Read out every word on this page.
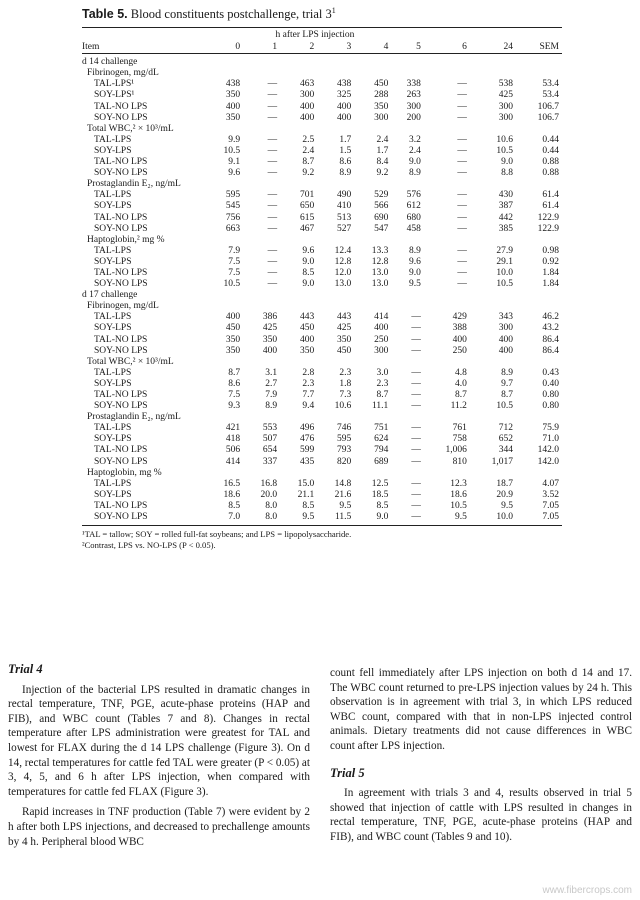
Table 5. Blood constituents postchallenge, trial $3^1$
	h after LPS injection								
Item	0	1	2	3	4	5	6	24	SEM

d 14 challenge									
Fibrinogen, mg/dL									
TAL-LPS¹	438	—	463	438	450	338	—	538	53.4
SOY-LPS¹	350	—	300	325	288	263	—	425	53.4
TAL-NO LPS	400	—	400	400	350	300	—	300	106.7
SOY-NO LPS	350	—	400	400	300	200	—	300	106.7
Total WBC,² × 10³/mL									
TAL-LPS	9.9	—	2.5	1.7	2.4	3.2	—	10.6	0.44
SOY-LPS	10.5	—	2.4	1.5	1.7	2.4	—	10.5	0.44
TAL-NO LPS	9.1	—	8.7	8.6	8.4	9.0	—	9.0	0.88
SOY-NO LPS	9.6	—	9.2	8.9	9.2	8.9	—	8.8	0.88
Prostaglandin E₂, ng/mL									
TAL-LPS	595	—	701	490	529	576	—	430	61.4
SOY-LPS	545	—	650	410	566	612	—	387	61.4
TAL-NO LPS	756	—	615	513	690	680	—	442	122.9
SOY-NO LPS	663	—	467	527	547	458	—	385	122.9
Haptoglobin,² mg %									
TAL-LPS	7.9	—	9.6	12.4	13.3	8.9	—	27.9	0.98
SOY-LPS	7.5	—	9.0	12.8	12.8	9.6	—	29.1	0.92
TAL-NO LPS	7.5	—	8.5	12.0	13.0	9.0	—	10.0	1.84
SOY-NO LPS	10.5	—	9.0	13.0	13.0	9.5	—	10.5	1.84
d 17 challenge									
Fibrinogen, mg/dL									
TAL-LPS	400	386	443	443	414	—	429	343	46.2
SOY-LPS	450	425	450	425	400	—	388	300	43.2
TAL-NO LPS	350	350	400	350	250	—	400	400	86.4
SOY-NO LPS	350	400	350	450	300	—	250	400	86.4
Total WBC,² × 10³/mL									
TAL-LPS	8.7	3.1	2.8	2.3	3.0	—	4.8	8.9	0.43
SOY-LPS	8.6	2.7	2.3	1.8	2.3	—	4.0	9.7	0.40
TAL-NO LPS	7.5	7.9	7.7	7.3	8.7	—	8.7	8.7	0.80
SOY-NO LPS	9.3	8.9	9.4	10.6	11.1	—	11.2	10.5	0.80
Prostaglandin E₂, ng/mL									
TAL-LPS	421	553	496	746	751	—	761	712	75.9
SOY-LPS	418	507	476	595	624	—	758	652	71.0
TAL-NO LPS	506	654	599	793	794	—	1,006	344	142.0
SOY-NO LPS	414	337	435	820	689	—	810	1,017	142.0
Haptoglobin, mg %									
TAL-LPS	16.5	16.8	15.0	14.8	12.5	—	12.3	18.7	4.07
SOY-LPS	18.6	20.0	21.1	21.6	18.5	—	18.6	20.9	3.52
TAL-NO LPS	8.5	8.0	8.5	9.5	8.5	—	10.5	9.5	7.05
SOY-NO LPS	7.0	8.0	9.5	11.5	9.0	—	9.5	10.0	7.05
¹TAL = tallow; SOY = rolled full-fat soybeans; and LPS = lipopolysaccharide.
²Contrast, LPS vs. NO-LPS (P < 0.05).

Trial 4

Injection of the bacterial LPS resulted in dramatic changes in rectal temperature, TNF, PGE, acute-phase proteins (HAP and FIB), and WBC count (Tables 7 and 8). Changes in rectal temperature after LPS administration were greatest for TAL and lowest for FLAX during the d 14 LPS challenge (Figure 3). On d 14, rectal temperatures for cattle fed TAL were greater (P < 0.05) at 3, 4, 5, and 6 h after LPS injection, when compared with temperatures for cattle fed FLAX (Figure 3).

Rapid increases in TNF production (Table 7) were evident by 2 h after both LPS injections, and decreased to prechallenge amounts by 4 h. Peripheral blood WBC

count fell immediately after LPS injection on both d 14 and 17. The WBC count returned to pre-LPS injection values by 24 h. This observation is in agreement with trial 3, in which LPS reduced WBC count, compared with that in non-LPS injected control animals. Dietary treatments did not cause differences in WBC count after LPS injection.

Trial 5

In agreement with trials 3 and 4, results observed in trial 5 showed that injection of cattle with LPS resulted in changes in rectal temperature, TNF, PGE, acute-phase proteins (HAP and FIB), and WBC count (Tables 9 and 10).

www.fibercrops.com
